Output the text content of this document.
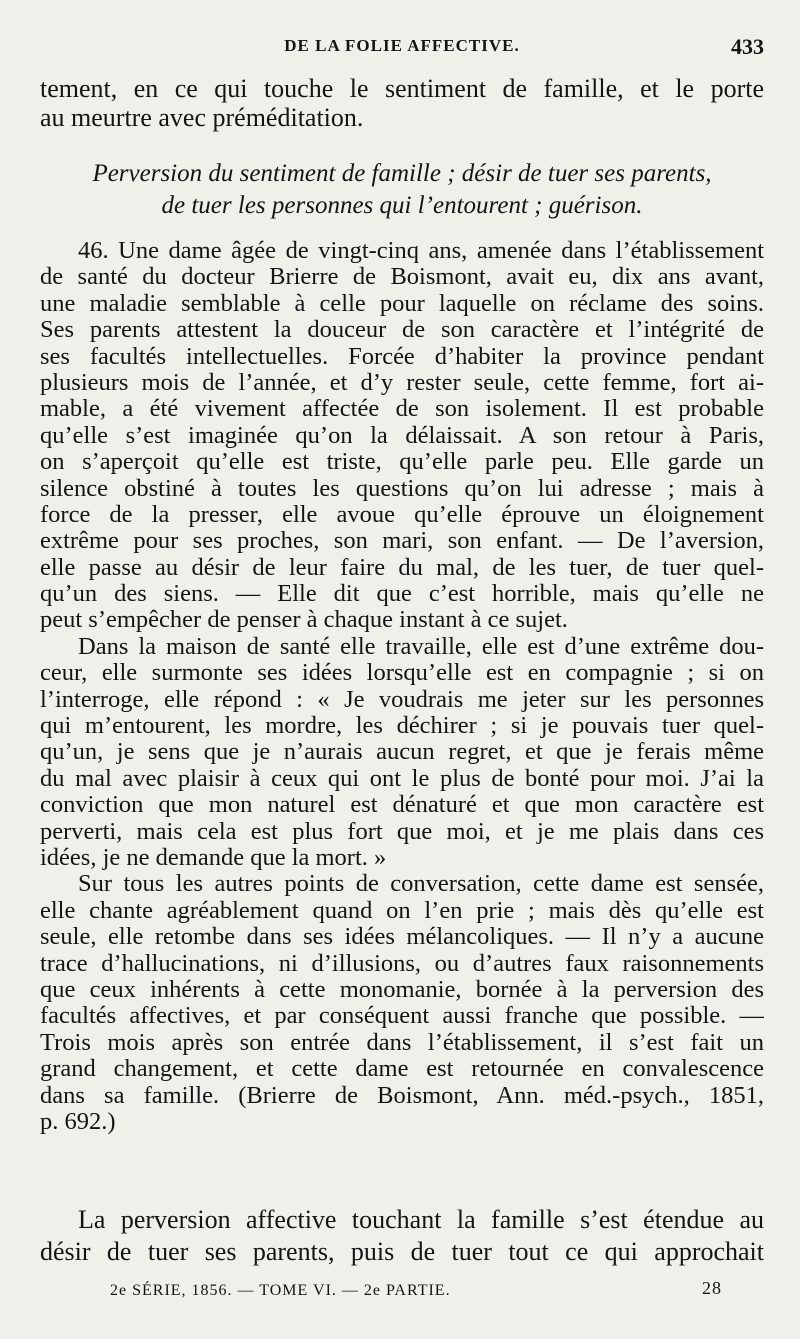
DE LA FOLIE AFFECTIVE.	433
tement, en ce qui touche le sentiment de famille, et le porte
au meurtre avec préméditation.
Perversion du sentiment de famille ; désir de tuer ses parents,
de tuer les personnes qui l’entourent ; guérison.
46. Une dame âgée de vingt-cinq ans, amenée dans l’établissement
de santé du docteur Brierre de Boismont, avait eu, dix ans avant,
une maladie semblable à celle pour laquelle on réclame des soins.
Ses parents attestent la douceur de son caractère et l’intégrité de
ses facultés intellectuelles. Forcée d’habiter la province pendant
plusieurs mois de l’année, et d’y rester seule, cette femme, fort ai-
mable, a été vivement affectée de son isolement. Il est probable
qu’elle s’est imaginée qu’on la délaissait. A son retour à Paris,
on s’aperçoit qu’elle est triste, qu’elle parle peu. Elle garde un
silence obstiné à toutes les questions qu’on lui adresse ; mais à
force de la presser, elle avoue qu’elle éprouve un éloignement
extrême pour ses proches, son mari, son enfant. — De l’aversion,
elle passe au désir de leur faire du mal, de les tuer, de tuer quel-
qu’un des siens. — Elle dit que c’est horrible, mais qu’elle ne
peut s’empêcher de penser à chaque instant à ce sujet.
Dans la maison de santé elle travaille, elle est d’une extrême dou-
ceur, elle surmonte ses idées lorsqu’elle est en compagnie ; si on
l’interroge, elle répond : « Je voudrais me jeter sur les personnes
qui m’entourent, les mordre, les déchirer ; si je pouvais tuer quel-
qu’un, je sens que je n’aurais aucun regret, et que je ferais même
du mal avec plaisir à ceux qui ont le plus de bonté pour moi. J’ai la
conviction que mon naturel est dénaturé et que mon caractère est
perverti, mais cela est plus fort que moi, et je me plais dans ces
idées, je ne demande que la mort. »
Sur tous les autres points de conversation, cette dame est sensée,
elle chante agréablement quand on l’en prie ; mais dès qu’elle est
seule, elle retombe dans ses idées mélancoliques. — Il n’y a aucune
trace d’hallucinations, ni d’illusions, ou d’autres faux raisonnements
que ceux inhérents à cette monomanie, bornée à la perversion des
facultés affectives, et par conséquent aussi franche que possible. —
Trois mois après son entrée dans l’établissement, il s’est fait un
grand changement, et cette dame est retournée en convalescence
dans sa famille. (Brierre de Boismont, Ann. méd.-psych., 1851,
p. 692.)
La perversion affective touchant la famille s’est étendue au
désir de tuer ses parents, puis de tuer tout ce qui approchait
2e SÉRIE, 1856. — TOME VI. — 2e PARTIE.	28
